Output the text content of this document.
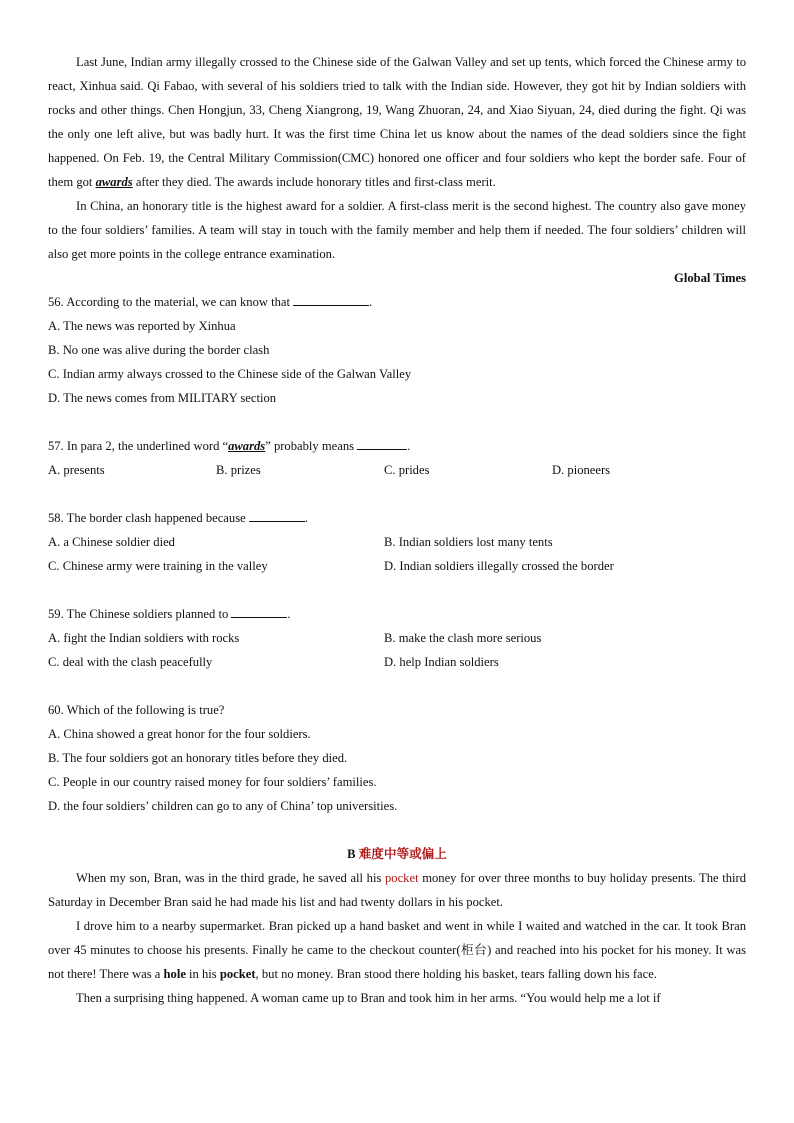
Last June, Indian army illegally crossed to the Chinese side of the Galwan Valley and set up tents, which forced the Chinese army to react, Xinhua said. Qi Fabao, with several of his soldiers tried to talk with the Indian side. However, they got hit by Indian soldiers with rocks and other things. Chen Hongjun, 33, Cheng Xiangrong, 19, Wang Zhuoran, 24, and Xiao Siyuan, 24, died during the fight. Qi was the only one left alive, but was badly hurt. It was the first time China let us know about the names of the dead soldiers since the fight happened. On Feb. 19, the Central Military Commission(CMC) honored one officer and four soldiers who kept the border safe. Four of them got awards after they died. The awards include honorary titles and first-class merit.

In China, an honorary title is the highest award for a soldier. A first-class merit is the second highest. The country also gave money to the four soldiers’ families. A team will stay in touch with the family member and help them if needed. The four soldiers’ children will also get more points in the college entrance examination.

Global Times
56. According to the material, we can know that	.
A. The news was reported by Xinhua
B. No one was alive during the border clash
C. Indian army always crossed to the Chinese side of the Galwan Valley
D. The news comes from MILITARY section
57. In para 2, the underlined word “awards” probably means	.
A. presents	B. prizes	C. prides	D. pioneers
58. The border clash happened because	.
A. a Chinese soldier died	B. Indian soldiers lost many tents
C. Chinese army were training in the valley	D. Indian soldiers illegally crossed the border
59. The Chinese soldiers planned to	.
A. fight the Indian soldiers with rocks	B. make the clash more serious
C. deal with the clash peacefully	D. help Indian soldiers
60. Which of the following is true?
A. China showed a great honor for the four soldiers.
B. The four soldiers got an honorary titles before they died.
C. People in our country raised money for four soldiers’ families.
D. the four soldiers’ children can go to any of China’ top universities.
B 难度中等或偏上

When my son, Bran, was in the third grade, he saved all his pocket money for over three months to buy holiday presents. The third Saturday in December Bran said he had made his list and had twenty dollars in his pocket.

I drove him to a nearby supermarket. Bran picked up a hand basket and went in while I waited and watched in the car. It took Bran over 45 minutes to choose his presents. Finally he came to the checkout counter(柜台) and reached into his pocket for his money. It was not there! There was a hole in his pocket, but no money. Bran stood there holding his basket, tears falling down his face.

Then a surprising thing happened. A woman came up to Bran and took him in her arms. “You would help me a lot if
